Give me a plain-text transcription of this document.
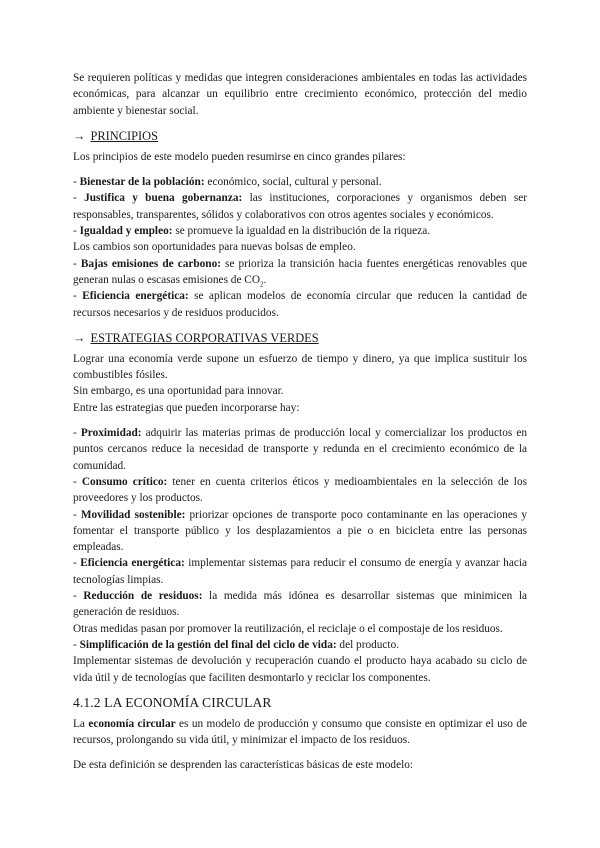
Se requieren políticas y medidas que integren consideraciones ambientales en todas las actividades económicas, para alcanzar un equilibrio entre crecimiento económico, protección del medio ambiente y bienestar social.

→ PRINCIPIOS

Los principios de este modelo pueden resumirse en cinco grandes pilares:

- Bienestar de la población: económico, social, cultural y personal.

- Justifica y buena gobernanza: las instituciones, corporaciones y organismos deben ser responsables, transparentes, sólidos y colaborativos con otros agentes sociales y económicos.

- Igualdad y empleo: se promueve la igualdad en la distribución de la riqueza.

Los cambios son oportunidades para nuevas bolsas de empleo.

- Bajas emisiones de carbono: se prioriza la transición hacia fuentes energéticas renovables que generan nulas o escasas emisiones de $CO_2$.

- Eficiencia energética: se aplican modelos de economía circular que reducen la cantidad de recursos necesarios y de residuos producidos.

→ ESTRATEGIAS CORPORATIVAS VERDES

Lograr una economía verde supone un esfuerzo de tiempo y dinero, ya que implica sustituir los combustibles fósiles.

Sin embargo, es una oportunidad para innovar.

Entre las estrategias que pueden incorporarse hay:

- Proximidad: adquirir las materias primas de producción local y comercializar los productos en puntos cercanos reduce la necesidad de transporte y redunda en el crecimiento económico de la comunidad.

- Consumo crítico: tener en cuenta criterios éticos y medioambientales en la selección de los proveedores y los productos.

- Movilidad sostenible: priorizar opciones de transporte poco contaminante en las operaciones y fomentar el transporte público y los desplazamientos a pie o en bicicleta entre las personas empleadas.

- Eficiencia energética: implementar sistemas para reducir el consumo de energía y avanzar hacia tecnologías limpias.

- Reducción de residuos: la medida más idónea es desarrollar sistemas que minimicen la generación de residuos.

Otras medidas pasan por promover la reutilización, el reciclaje o el compostaje de los residuos.

- Simplificación de la gestión del final del ciclo de vida: del producto.

Implementar sistemas de devolución y recuperación cuando el producto haya acabado su ciclo de vida útil y de tecnologías que faciliten desmontarlo y reciclar los componentes.

4.1.2 LA ECONOMÍA CIRCULAR

La economía circular es un modelo de producción y consumo que consiste en optimizar el uso de recursos, prolongando su vida útil, y minimizar el impacto de los residuos.

De esta definición se desprenden las características básicas de este modelo:
